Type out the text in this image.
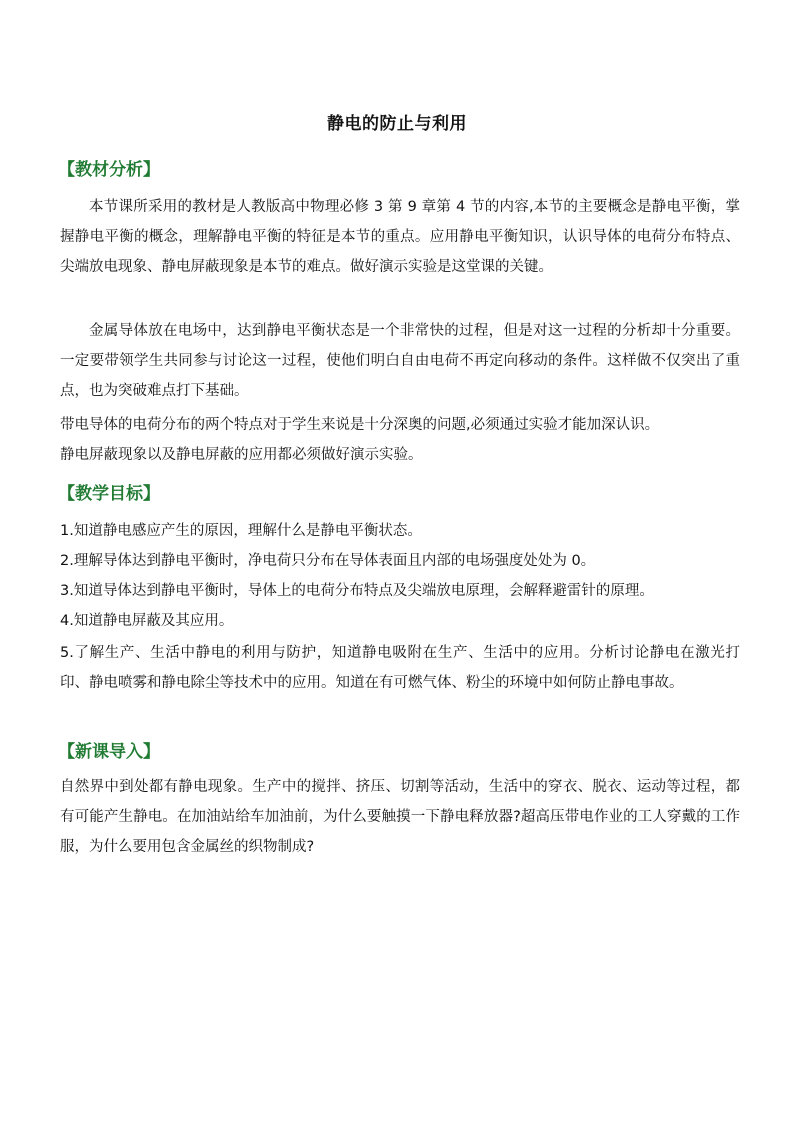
静电的防止与利用
【教材分析】

本节课所采用的教材是人教版高中物理必修 3 第 9 章第 4 节的内容,本节的主要概念是静电平衡，掌握静电平衡的概念，理解静电平衡的特征是本节的重点。应用静电平衡知识，认识导体的电荷分布特点、尖端放电现象、静电屏蔽现象是本节的难点。做好演示实验是这堂课的关键。

金属导体放在电场中，达到静电平衡状态是一个非常快的过程，但是对这一过程的分析却十分重要。一定要带领学生共同参与讨论这一过程，使他们明白自由电荷不再定向移动的条件。这样做不仅突出了重点，也为突破难点打下基础。

带电导体的电荷分布的两个特点对于学生来说是十分深奥的问题,必须通过实验才能加深认识。
静电屏蔽现象以及静电屏蔽的应用都必须做好演示实验。
【教学目标】
1.知道静电感应产生的原因，理解什么是静电平衡状态。
2.理解导体达到静电平衡时，净电荷只分布在导体表面且内部的电场强度处处为 0。
3.知道导体达到静电平衡时，导体上的电荷分布特点及尖端放电原理，会解释避雷针的原理。
4.知道静电屏蔽及其应用。

5.了解生产、生活中静电的利用与防护，知道静电吸附在生产、生活中的应用。分析讨论静电在激光打印、静电喷雾和静电除尘等技术中的应用。知道在有可燃气体、粉尘的环境中如何防止静电事故。

【新课导入】

自然界中到处都有静电现象。生产中的搅拌、挤压、切割等活动，生活中的穿衣、脱衣、运动等过程，都有可能产生静电。在加油站给车加油前，为什么要触摸一下静电释放器?超高压带电作业的工人穿戴的工作服，为什么要用包含金属丝的织物制成?
